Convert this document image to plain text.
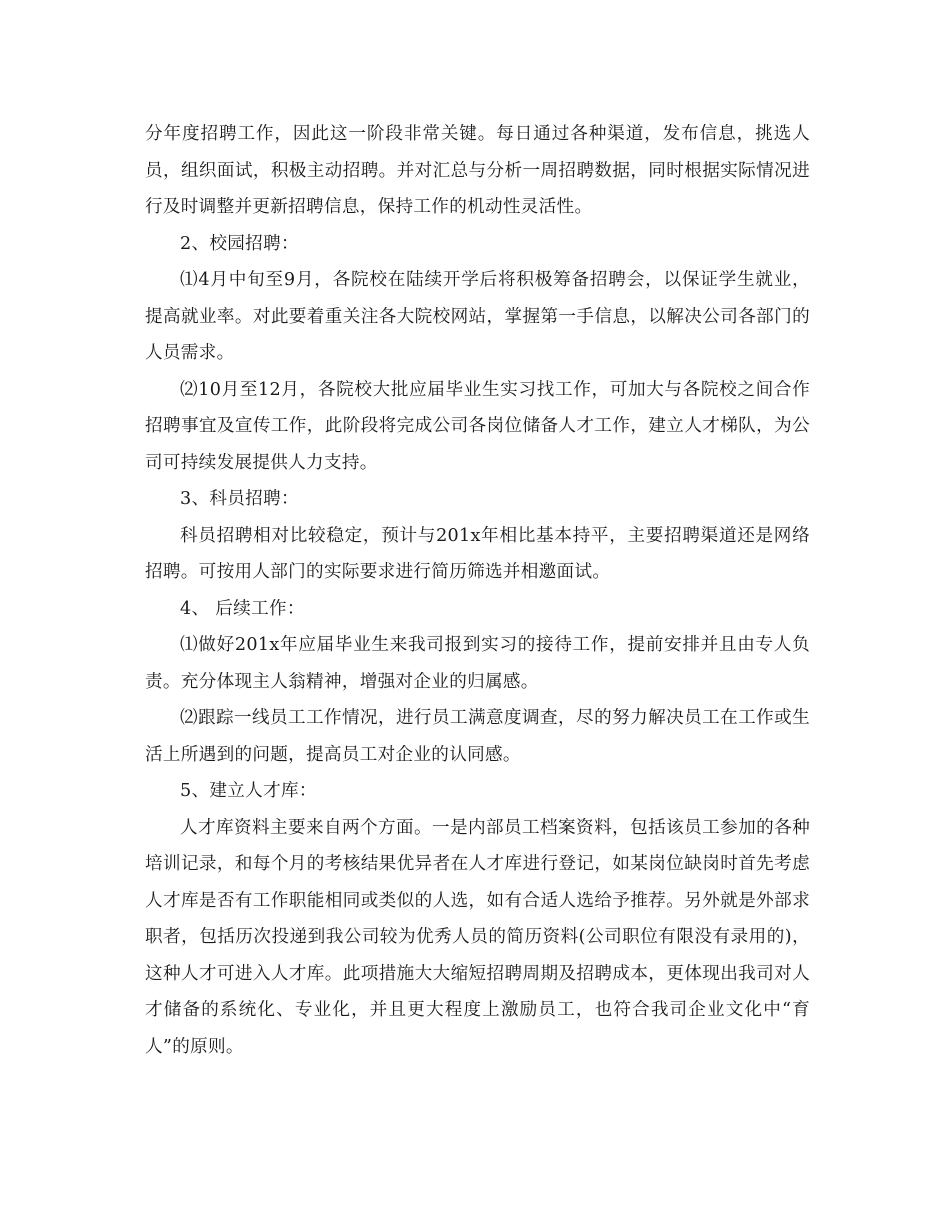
分年度招聘工作，因此这一阶段非常关键。每日通过各种渠道，发布信息，挑选人员，组织面试，积极主动招聘。并对汇总与分析一周招聘数据，同时根据实际情况进行及时调整并更新招聘信息，保持工作的机动性灵活性。

2、校园招聘：

⑴4月中旬至9月，各院校在陆续开学后将积极筹备招聘会，以保证学生就业，提高就业率。对此要着重关注各大院校网站，掌握第一手信息，以解决公司各部门的人员需求。

⑵10月至12月，各院校大批应届毕业生实习找工作，可加大与各院校之间合作招聘事宜及宣传工作，此阶段将完成公司各岗位储备人才工作，建立人才梯队，为公司可持续发展提供人力支持。

3、科员招聘：

科员招聘相对比较稳定，预计与201x年相比基本持平，主要招聘渠道还是网络招聘。可按用人部门的实际要求进行简历筛选并相邀面试。

4、 后续工作：

⑴做好201x年应届毕业生来我司报到实习的接待工作，提前安排并且由专人负责。充分体现主人翁精神，增强对企业的归属感。

⑵跟踪一线员工工作情况，进行员工满意度调查，尽的努力解决员工在工作或生活上所遇到的问题，提高员工对企业的认同感。

5、建立人才库：

人才库资料主要来自两个方面。一是内部员工档案资料，包括该员工参加的各种培训记录，和每个月的考核结果优异者在人才库进行登记，如某岗位缺岗时首先考虑人才库是否有工作职能相同或类似的人选，如有合适人选给予推荐。另外就是外部求职者，包括历次投递到我公司较为优秀人员的简历资料(公司职位有限没有录用的)，这种人才可进入人才库。此项措施大大缩短招聘周期及招聘成本，更体现出我司对人才储备的系统化、专业化，并且更大程度上激励员工，也符合我司企业文化中“育人”的原则。
